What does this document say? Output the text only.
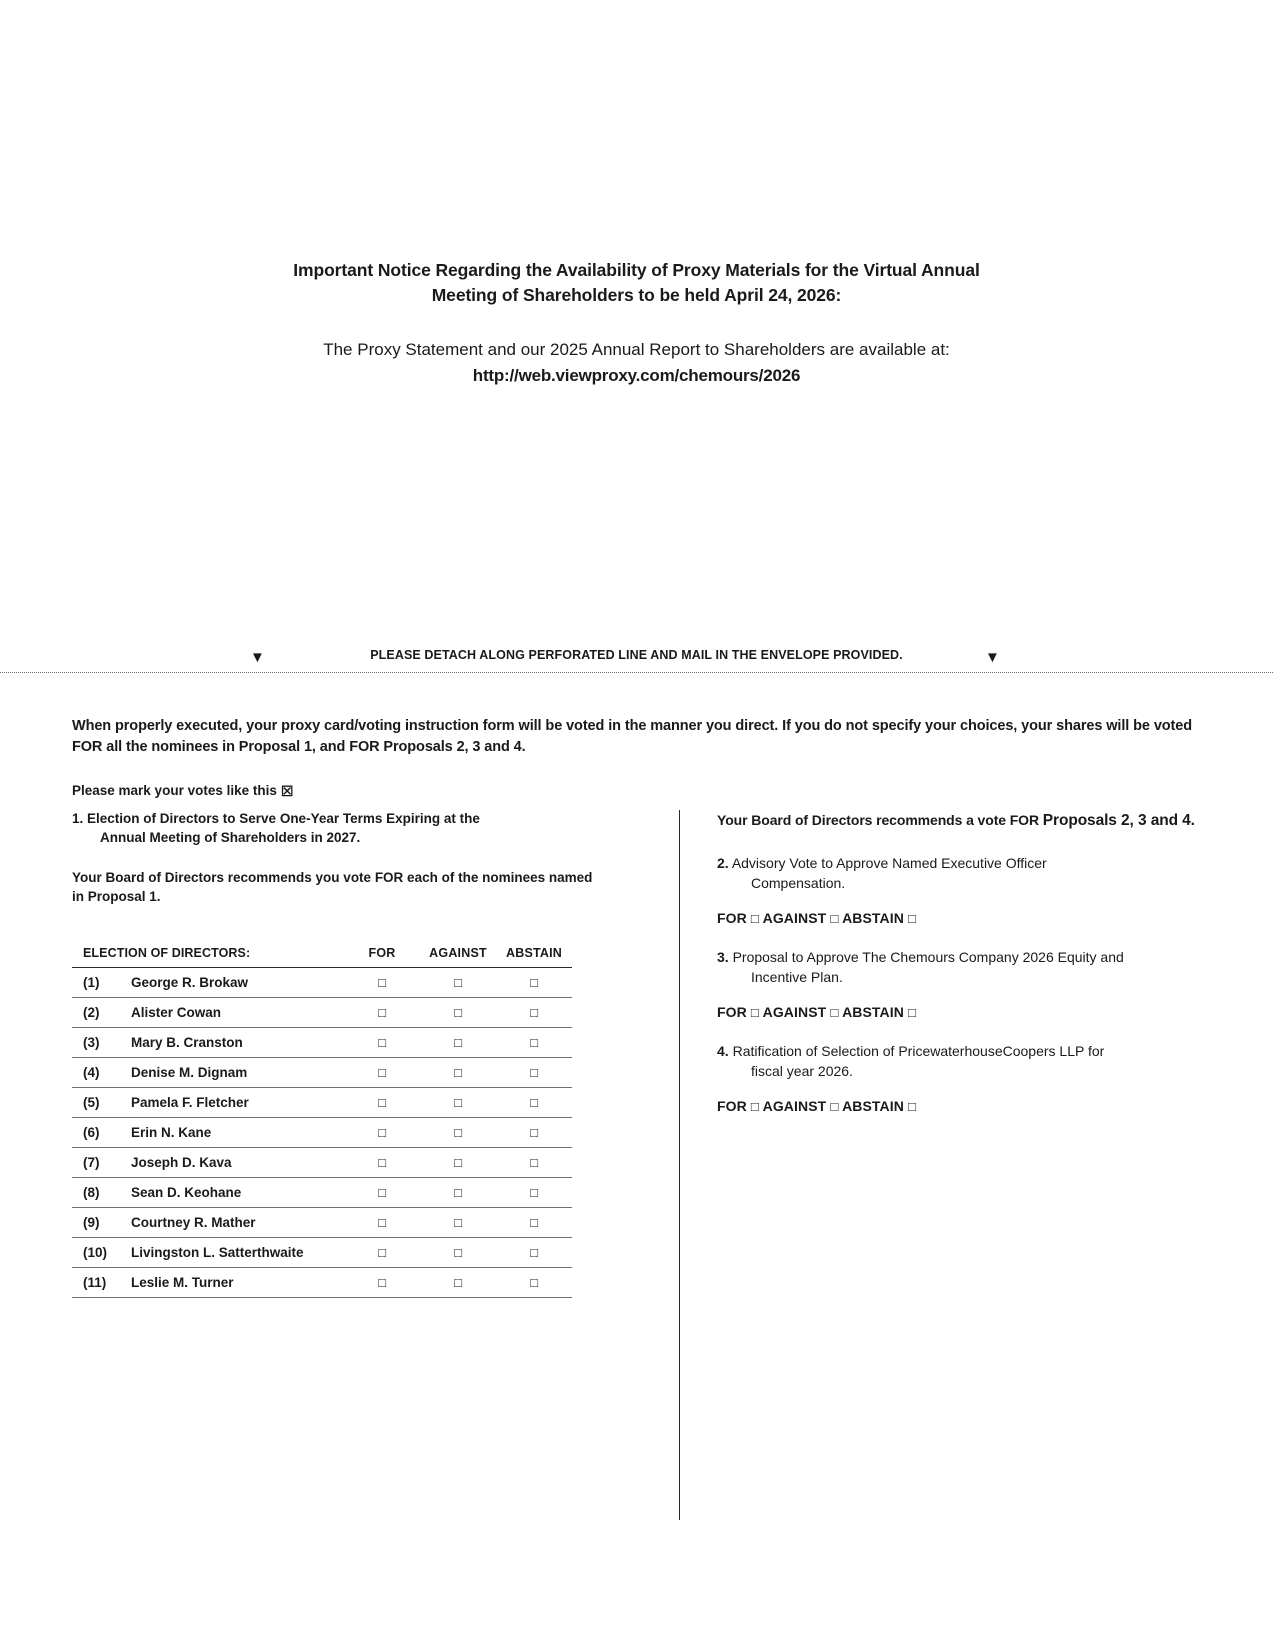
Important Notice Regarding the Availability of Proxy Materials for the Virtual Annual
Meeting of Shareholders to be held April 24, 2026:
The Proxy Statement and our 2025 Annual Report to Shareholders are available at:
http://web.viewproxy.com/chemours/2026
PLEASE DETACH ALONG PERFORATED LINE AND MAIL IN THE ENVELOPE PROVIDED.
▼	▼
When properly executed, your proxy card/voting instruction form will be voted in the manner you direct. If you do not specify your choices, your shares will be voted FOR all the nominees in Proposal 1, and FOR Proposals 2, 3 and 4.
Please mark your votes like this ☒
1. Election of Directors to Serve One-Year Terms Expiring at the
Annual Meeting of Shareholders in 2027.
Your Board of Directors recommends you vote FOR each of the nominees named in Proposal 1.
ELECTION OF DIRECTORS:		FOR	AGAINST	ABSTAIN
(1)	George R. Brokaw	□	□	□
(2)	Alister Cowan	□	□	□
(3)	Mary B. Cranston	□	□	□
(4)	Denise M. Dignam	□	□	□
(5)	Pamela F. Fletcher	□	□	□
(6)	Erin N. Kane	□	□	□
(7)	Joseph D. Kava	□	□	□
(8)	Sean D. Keohane	□	□	□
(9)	Courtney R. Mather	□	□	□
(10)	Livingston L. Satterthwaite	□	□	□
(11)	Leslie M. Turner	□	□	□
Your Board of Directors recommends a vote FOR Proposals 2, 3 and 4.
2. Advisory Vote to Approve Named Executive Officer
Compensation.
FOR □ AGAINST □ ABSTAIN □
3. Proposal to Approve The Chemours Company 2026 Equity and
Incentive Plan.
FOR □ AGAINST □ ABSTAIN □
4. Ratification of Selection of PricewaterhouseCoopers LLP for
fiscal year 2026.
FOR □ AGAINST □ ABSTAIN □
